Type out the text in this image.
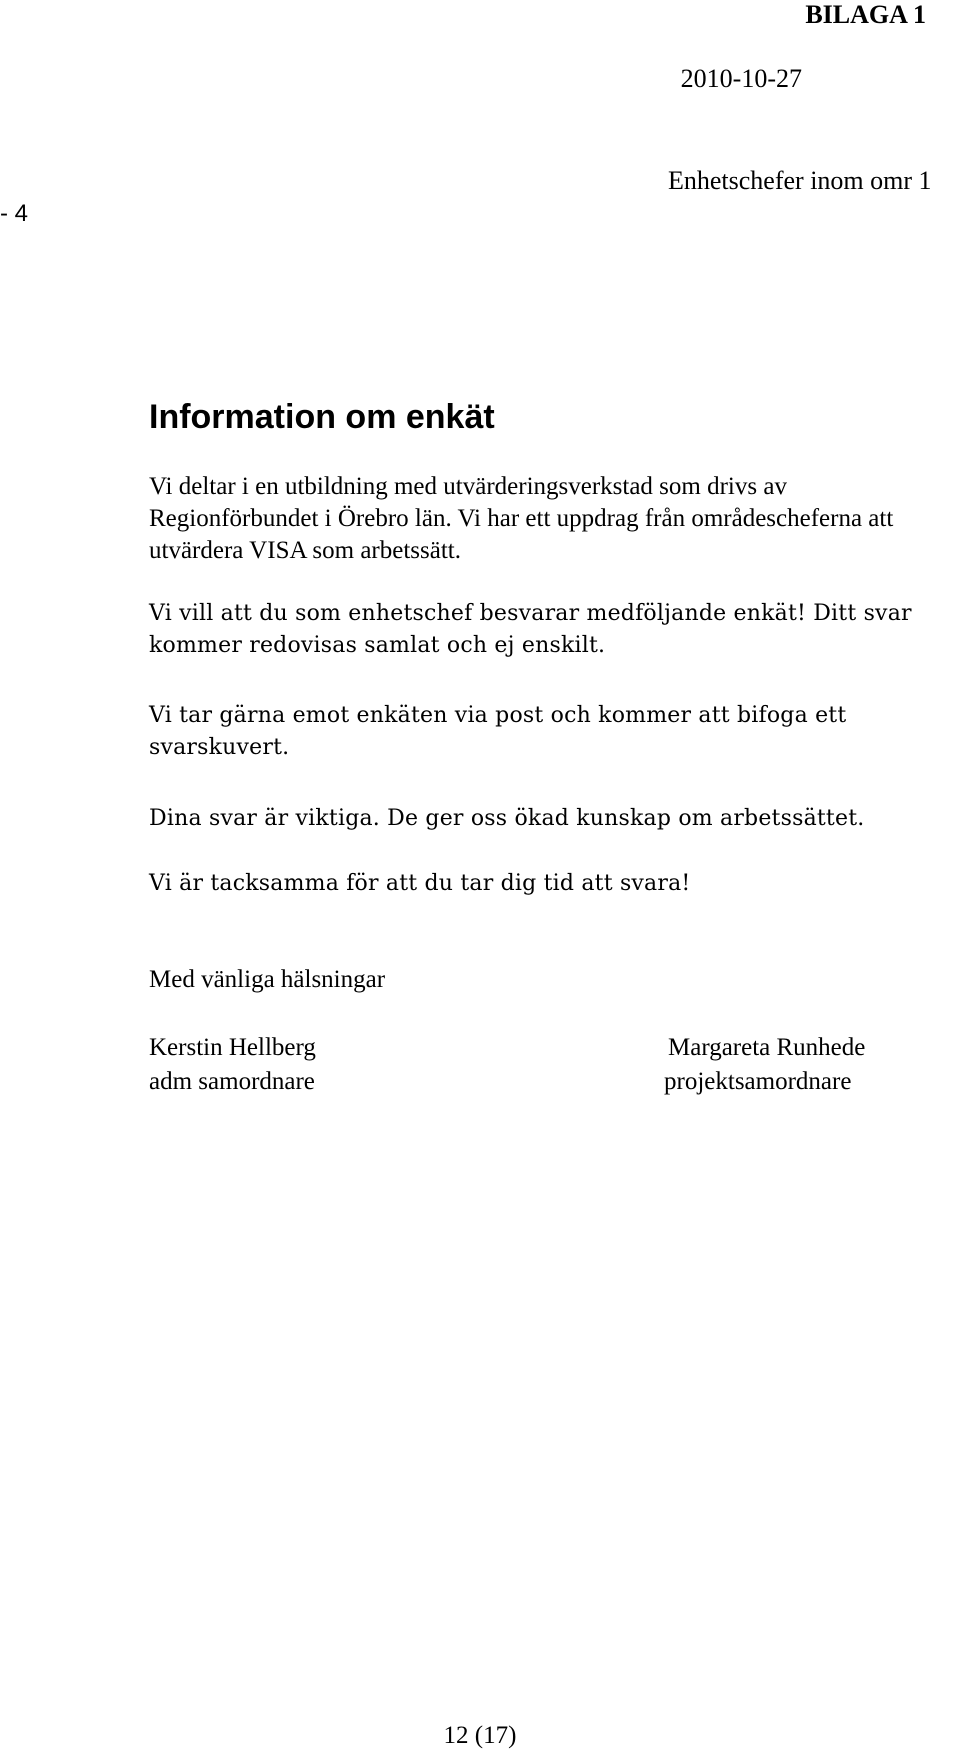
BILAGA 1
2010-10-27
- 4
Enhetschefer inom omr 1
Information om enkät

Vi deltar i en utbildning med utvärderingsverkstad som drivs av Regionförbundet i Örebro län. Vi har ett uppdrag från områdescheferna att utvärdera VISA som arbetssätt.

Vi vill att du som enhetschef besvarar medföljande enkät! Ditt svar kommer redovisas samlat och ej enskilt.

Vi tar gärna emot enkäten via post och kommer att bifoga ett svarskuvert.

Dina svar är viktiga. De ger oss ökad kunskap om arbetssättet.

Vi är tacksamma för att du tar dig tid att svara!

Med vänliga hälsningar
Kerstin Hellberg
adm samordnare
Margareta Runhede
projektsamordnare
12 (17)
